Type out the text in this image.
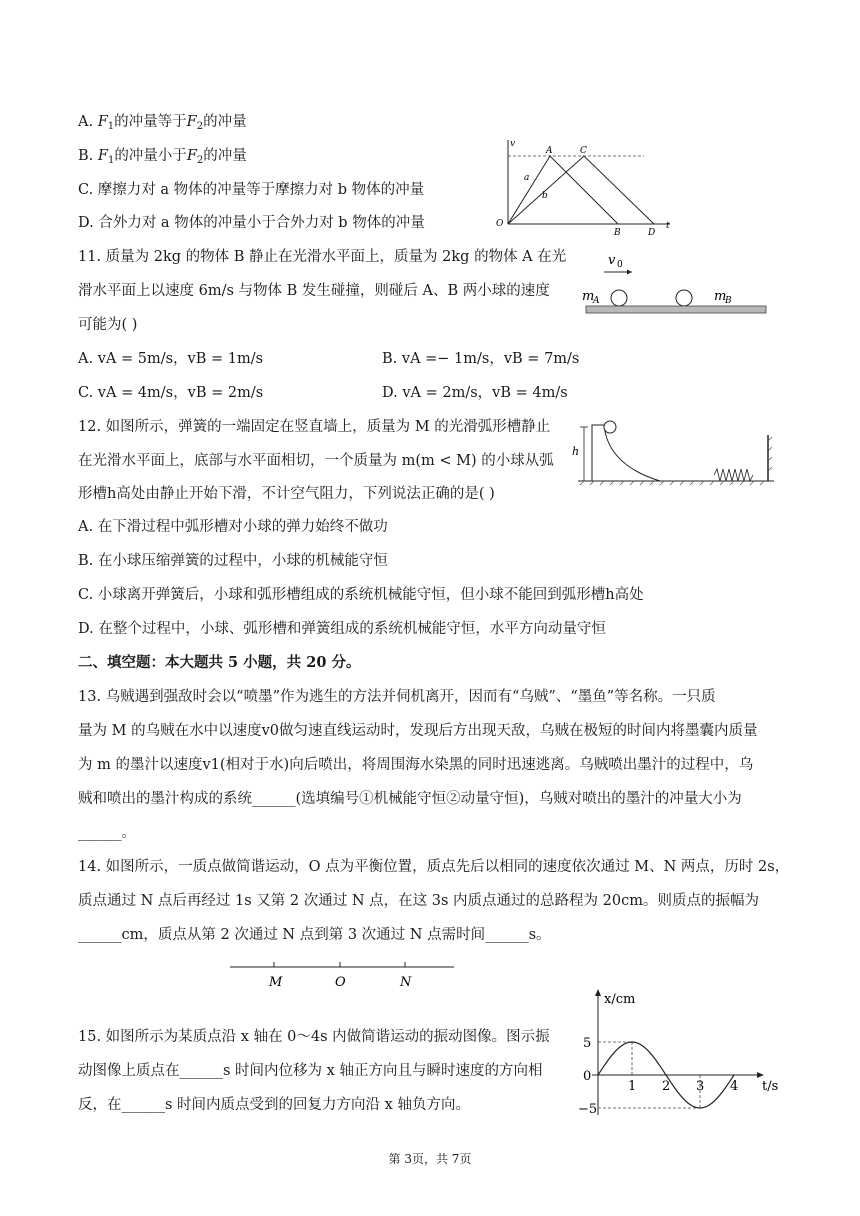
A. $F_1$的冲量等于$F_2$的冲量
B. $F_1$的冲量小于$F_2$的冲量
C. 摩擦力对 a 物体的冲量等于摩擦力对 b 物体的冲量
D. 合外力对 a 物体的冲量小于合外力对 b 物体的冲量
v
t
O
A	C
a
b
B	D
11. 质量为 2kg 的物体 B 静止在光滑水平面上，质量为 2kg 的物体 A 在光
滑水平面上以速度 6m/s 与物体 B 发生碰撞，则碰后 A、B 两小球的速度
可能为( )
A. vA = 5m/s，vB = 1m/s	B. vA =− 1m/s，vB = 7m/s
C. vA = 4m/s，vB = 2m/s	D. vA = 2m/s，vB = 4m/s
v 0
m
A	m
B
12. 如图所示，弹簧的一端固定在竖直墙上，质量为 M 的光滑弧形槽静止
在光滑水平面上，底部与水平面相切，一个质量为 m(m < M) 的小球从弧
形槽h高处由静止开始下滑，不计空气阻力，下列说法正确的是( )
A. 在下滑过程中弧形槽对小球的弹力始终不做功
B. 在小球压缩弹簧的过程中，小球的机械能守恒
C. 小球离开弹簧后，小球和弧形槽组成的系统机械能守恒，但小球不能回到弧形槽h高处
D. 在整个过程中，小球、弧形槽和弹簧组成的系统机械能守恒，水平方向动量守恒
h
二、填空题：本大题共 5 小题，共 20 分。
13. 乌贼遇到强敌时会以“喷墨”作为逃生的方法并伺机离开，因而有“乌贼”、“墨鱼”等名称。一只质
量为 M 的乌贼在水中以速度v0做匀速直线运动时，发现后方出现天敌，乌贼在极短的时间内将墨囊内质量
为 m 的墨汁以速度v1(相对于水)向后喷出，将周围海水染黑的同时迅速逃离。乌贼喷出墨汁的过程中，乌
贼和喷出的墨汁构成的系统______(选填编号①机械能守恒②动量守恒)，乌贼对喷出的墨汁的冲量大小为
______。
14. 如图所示，一质点做简谐运动，O 点为平衡位置，质点先后以相同的速度依次通过 M、N 两点，历时 2s，
质点通过 N 点后再经过 1s 又第 2 次通过 N 点，在这 3s 内质点通过的总路程为 20cm。则质点的振幅为
______cm，质点从第 2 次通过 N 点到第 3 次通过 N 点需时间______s。
M	O	N
15. 如图所示为某质点沿 x 轴在 0～4s 内做简谐运动的振动图像。图示振
动图像上质点在______s 时间内位移为 x 轴正方向且与瞬时速度的方向相
反，在______s 时间内质点受到的回复力方向沿 x 轴负方向。
x/cm
t/s
1 2 3 4
5
0
−5
第 3页，共 7页
